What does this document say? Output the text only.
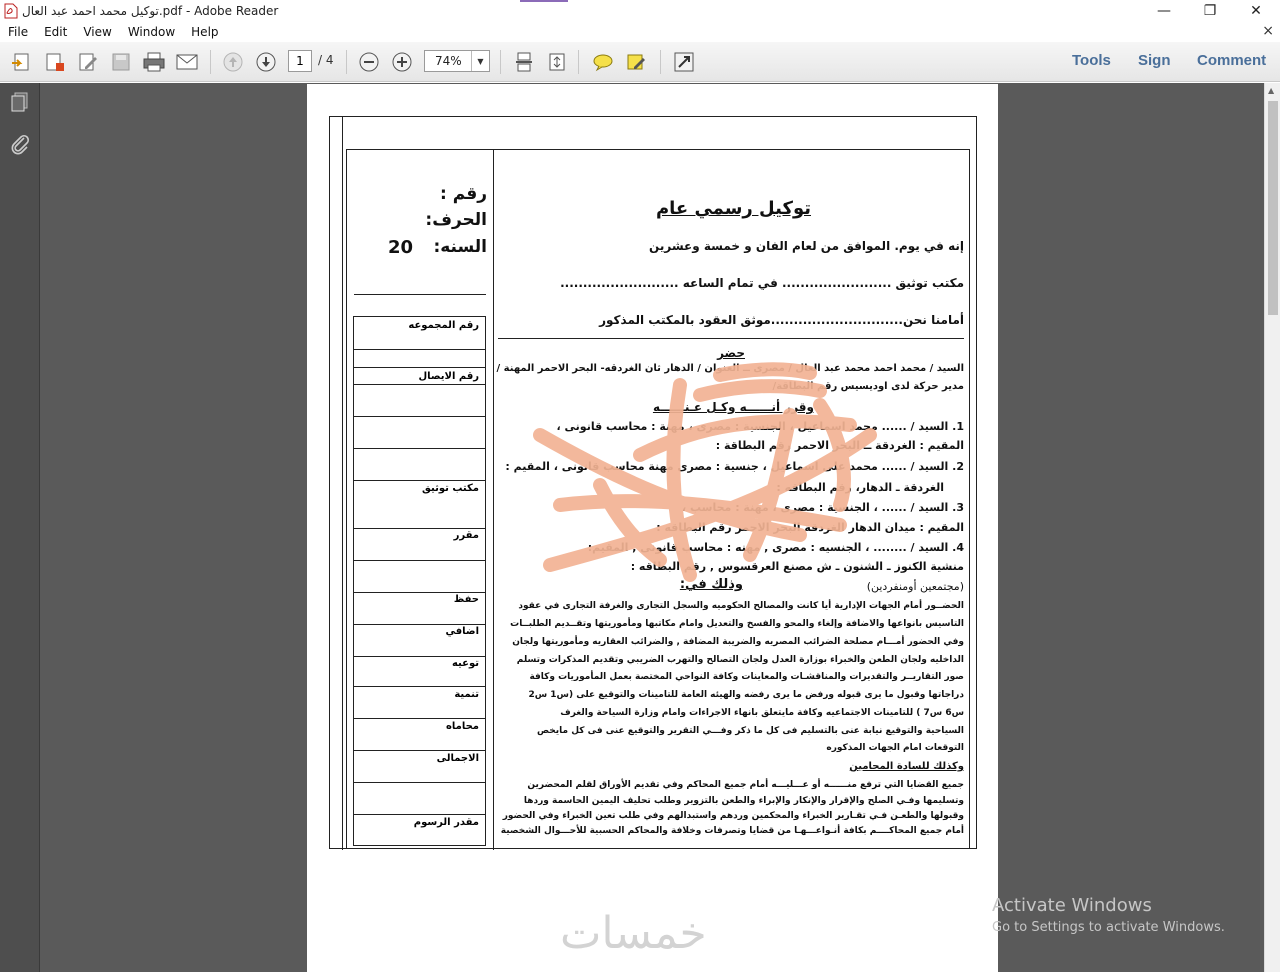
توكيل محمد احمد عبد العال.pdf - Adobe Reader	—	❐	✕
File	Edit	View	Window	Help	×
1	/ 4	74%	▼	Tools Sign Comment
▲
رقم :
الحرف:
السنه:
20
رقم المجموعه
رقم الايصال
مكتب توثيق
مقرر
حفظ
اضافي
توعيه
تنمية
محاماه
الاجمالى
مقدر الرسوم
توكيل رسمي عام
إنه في يوم. الموافق من لعام الفان و خمسة وعشرين
مكتب توثيق ........................ في تمام الساعه ..........................
أمامنا نحن.............................موثق العقود بالمكتب المذكور
حضر
السيد / محمد احمد محمد عبد العال / مصرى ــ العنوان / الدهار ثان الغردقه- البحر الاحمر المهنة /
مدير حركة لدى اوديسيس رقم البطاقة/
وقرر أنــــــه وكـل عـنــــــه
1. السيد / ...... محمد اسماعيل ، الجنسية : مصرى ، مهنة : محاسب قانونى ،
المقيم : الغردقة ــ البحر الاحمر رقم البطاقة :
2. السيد / ...... محمد على اسماعيل ، جنسية : مصرى مهنة محاسب قانونى ، المقيم :
الغردقة ـ الدهار، رقم البطاقه :
3. السيد / ...... ، الجنسية : مصرى ، مهنة : محاسب ،
المقيم : ميدان الدهار الغردقة البحر الاحمر رقم البطاقه :
4. السيد / ........ ، الجنسيه : مصرى , مهنه : محاسب قانونى , المقيم:
منشية الكنوز ـ الشنون ـ ش مصنع العرقسوس , رقم البطاقه :
وذلك في:	(مجتمعين أومنفردين)
الحضــور أمام الجهات الإدارية أيا كانت والمصالح الحكوميه والسجل التجارى والغرفة التجارى في عقود
التاسيس بانواعها والاضافة وإلغاء والمحو والفسخ والتعديل وامام مكاتبها ومأموريتها وتقــديم الطلبــات
وفي الحضور أمـــام مصلحة الضرائب المصريه والضريبة المضافة , والضرائب العقاريه ومأموريتها ولجان
الداخليه ولجان الطعن والخبراء بوزارة العدل ولجان التصالح والتهرب الضريبي وتقديم المذكرات وتسلم
صور التقاريــر والتقديرات والمناقشـات والمعاينات وكافة النواحي المختصة بعمل المأموريات وكافة
دراجاتها وقبول ما يرى قبوله ورفض ما يرى رفضه والهيئه العامة للتامينات والتوقيع على (س1 س2
س6 س7 ) للتامينات الاجتماعيه وكافة مايتعلق بانهاء الاجراءات وامام وزارة السياحة والغرف
السياحية والتوقيع نيابة عنى بالتسليم فى كل ما ذكر وفـــي التقرير والتوقيع عنى فى كل مايخص
التوقعات امام الجهات المذكوره
وكذلك للسادة المحامين
جميع القضايا التي ترفع منــــــه أو عـــليـــه أمام جميع المحاكم وفي تقديم الأوراق لقلم المحضرين
وتسليمها وفـي الصلح والإقرار والإنكار والإبراء والطعن بالتزوير وطلب تحليف اليمين الحاسمة وردها
وقبولها والطعـن فـي تقـارير الخبراء والمحكمين وردهم واستبدالهم وفي طلب تعين الخبراء وفي الحضور
أمام جميع المحاكــــم بكافة أنـواعـــهـا من قضايا وتصرفات وخلافة والمحاكم الحسبية للأحـــوال الشخصية
خمسات
Activate Windows
Go to Settings to activate Windows.
